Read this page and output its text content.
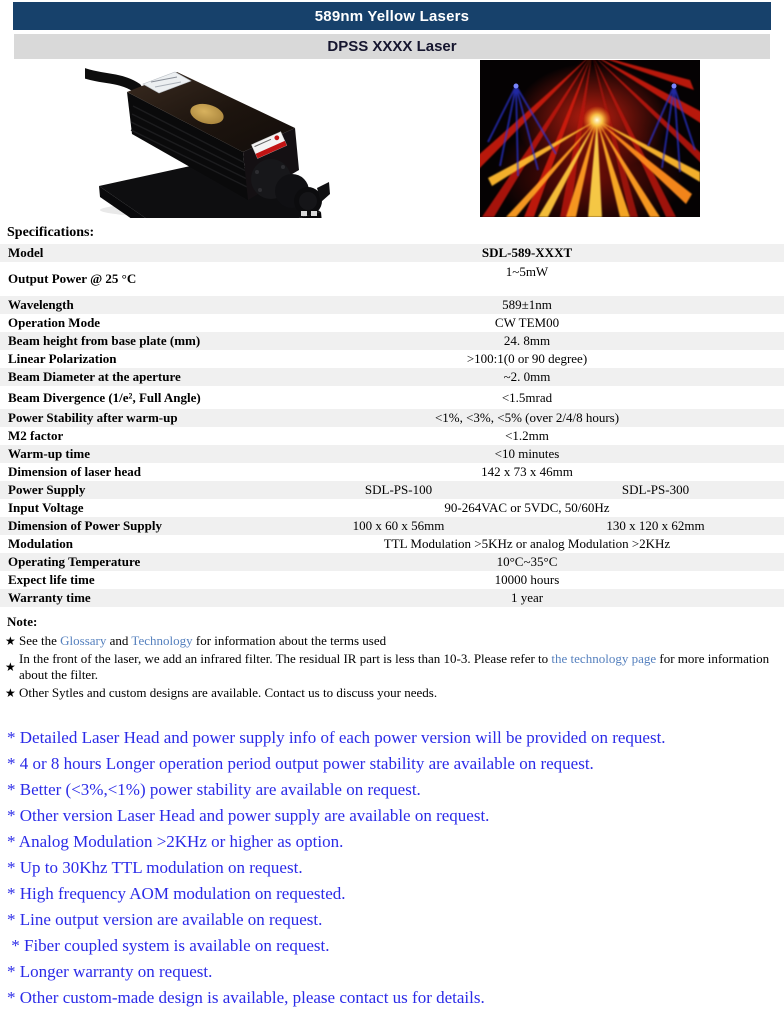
589nm Yellow Lasers
DPSS XXXX Laser
Specifications:
Model	SDL-589-XXXT
Output Power @ 25 °C	1~5mW
Wavelength	589±1nm
Operation Mode	CW TEM00
Beam height from base plate (mm)	24. 8mm
Linear Polarization	>100:1(0 or 90 degree)
Beam Diameter at the aperture	~2. 0mm
Beam Divergence (1/e², Full Angle)	<1.5mrad
Power Stability after warm-up	<1%, <3%, <5% (over 2/4/8 hours)
M2 factor	<1.2mm
Warm-up time	<10 minutes
Dimension of laser head	142 x 73 x 46mm
Power Supply	SDL-PS-100	SDL-PS-300
Input Voltage	90-264VAC or 5VDC, 50/60Hz
Dimension of Power Supply	100 x 60 x 56mm	130 x 120 x 62mm
Modulation	TTL Modulation >5KHz or analog Modulation >2KHz
Operating Temperature	10°C~35°C
Expect life time	10000 hours
Warranty time	1 year
Note:
★ See the Glossary and Technology for information about the terms used
★
In the front of the laser, we add an infrared filter. The residual IR part is less than 10-3. Please refer to the technology page for more information about the filter.
★ Other Sytles and custom designs are available. Contact us to discuss your needs.
* Detailed Laser Head and power supply info of each power version will be provided on request.
* 4 or 8 hours Longer operation period output power stability are available on request.
* Better (<3%,<1%) power stability are available on request.
* Other version Laser Head and power supply are available on request.
* Analog Modulation >2KHz or higher as option.
* Up to 30Khz TTL modulation on request.
* High frequency AOM modulation on requested.
* Line output version are available on request.
* Fiber coupled system is available on request.
* Longer warranty on request.
* Other custom-made design is available, please contact us for details.
